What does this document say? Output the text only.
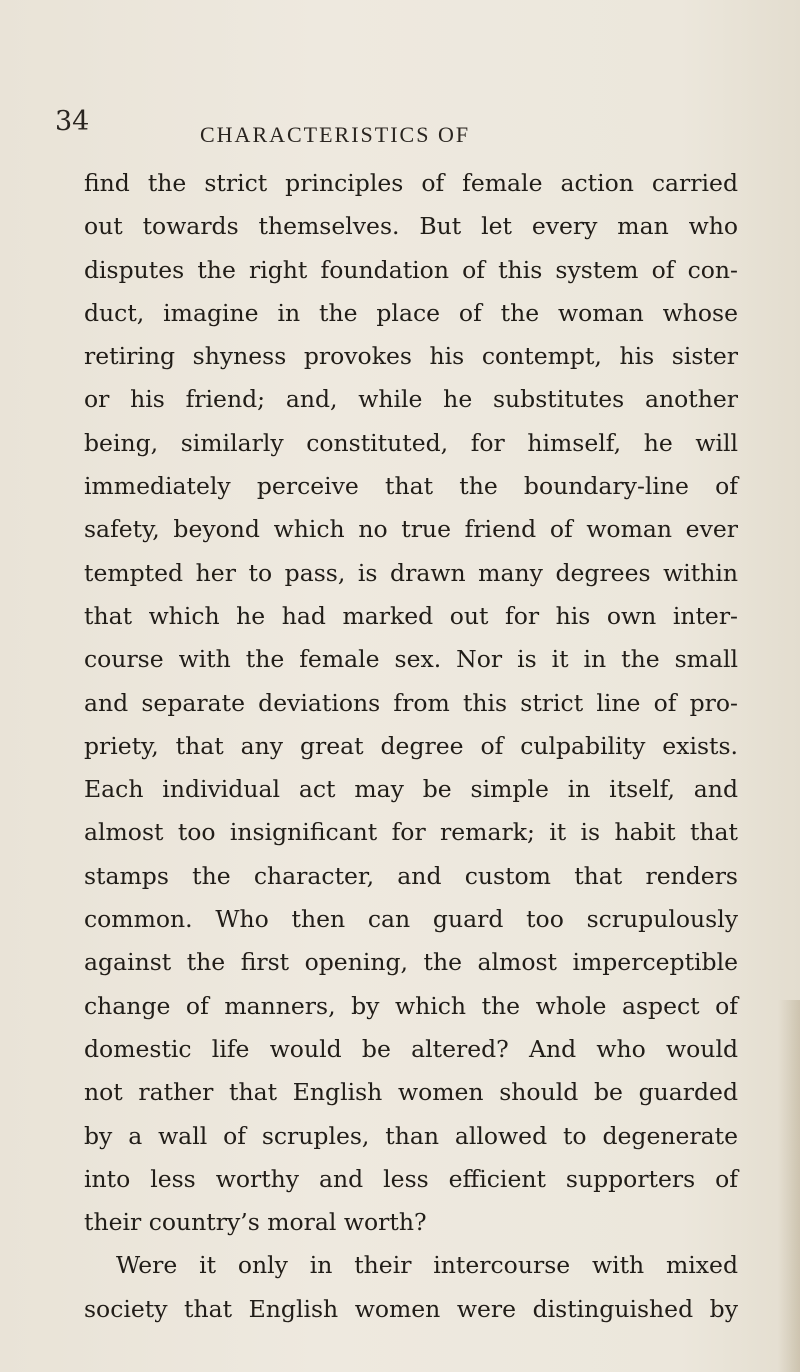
34	CHARACTERISTICS OF
find the strict principles of female action carried
out towards themselves. But let every man who
disputes the right foundation of this system of con-
duct, imagine in the place of the woman whose
retiring shyness provokes his contempt, his sister
or his friend; and, while he substitutes another
being, similarly constituted, for himself, he will
immediately perceive that the boundary-line of
safety, beyond which no true friend of woman ever
tempted her to pass, is drawn many degrees within
that which he had marked out for his own inter-
course with the female sex. Nor is it in the small
and separate deviations from this strict line of pro-
priety, that any great degree of culpability exists.
Each individual act may be simple in itself, and
almost too insignificant for remark; it is habit that
stamps the character, and custom that renders
common. Who then can guard too scrupulously
against the first opening, the almost imperceptible
change of manners, by which the whole aspect of
domestic life would be altered? And who would
not rather that English women should be guarded
by a wall of scruples, than allowed to degenerate
into less worthy and less efficient supporters of
their country’s moral worth?
Were it only in their intercourse with mixed
society that English women were distinguished by
